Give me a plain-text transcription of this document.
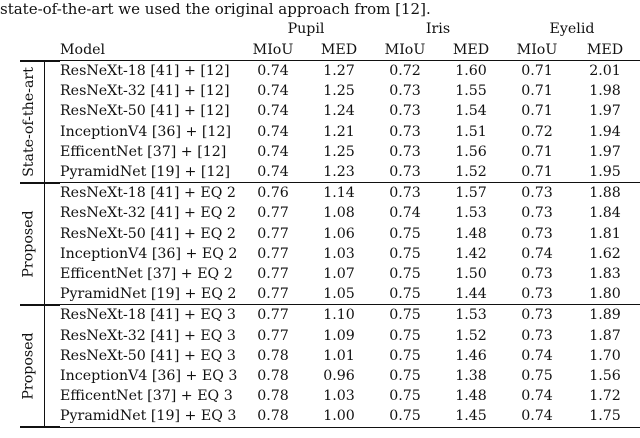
state-of-the-art we used the original approach from [12].
	Pupil		Iris		Eyelid	
Model	MIoU	MED	MIoU	MED	MIoU	MED
ResNeXt-18 [41] + [12]	0.74	1.27	0.72	1.60	0.71	2.01
ResNeXt-32 [41] + [12]	0.74	1.25	0.73	1.55	0.71	1.98
ResNeXt-50 [41] + [12]	0.74	1.24	0.73	1.54	0.71	1.97
InceptionV4 [36] + [12]	0.74	1.21	0.73	1.51	0.72	1.94
EfficentNet [37] + [12]	0.74	1.25	0.73	1.56	0.71	1.97
PyramidNet [19] + [12]	0.74	1.23	0.73	1.52	0.71	1.95
ResNeXt-18 [41] + EQ 2	0.76	1.14	0.73	1.57	0.73	1.88
ResNeXt-32 [41] + EQ 2	0.77	1.08	0.74	1.53	0.73	1.84
ResNeXt-50 [41] + EQ 2	0.77	1.06	0.75	1.48	0.73	1.81
InceptionV4 [36] + EQ 2	0.77	1.03	0.75	1.42	0.74	1.62
EfficentNet [37] + EQ 2	0.77	1.07	0.75	1.50	0.73	1.83
PyramidNet [19] + EQ 2	0.77	1.05	0.75	1.44	0.73	1.80
ResNeXt-18 [41] + EQ 3	0.77	1.10	0.75	1.53	0.73	1.89
ResNeXt-32 [41] + EQ 3	0.77	1.09	0.75	1.52	0.73	1.87
ResNeXt-50 [41] + EQ 3	0.78	1.01	0.75	1.46	0.74	1.70
InceptionV4 [36] + EQ 3	0.78	0.96	0.75	1.38	0.75	1.56
EfficentNet [37] + EQ 3	0.78	1.03	0.75	1.48	0.74	1.72
PyramidNet [19] + EQ 3	0.78	1.00	0.75	1.45	0.74	1.75
State-of-the-art
Proposed
Proposed
